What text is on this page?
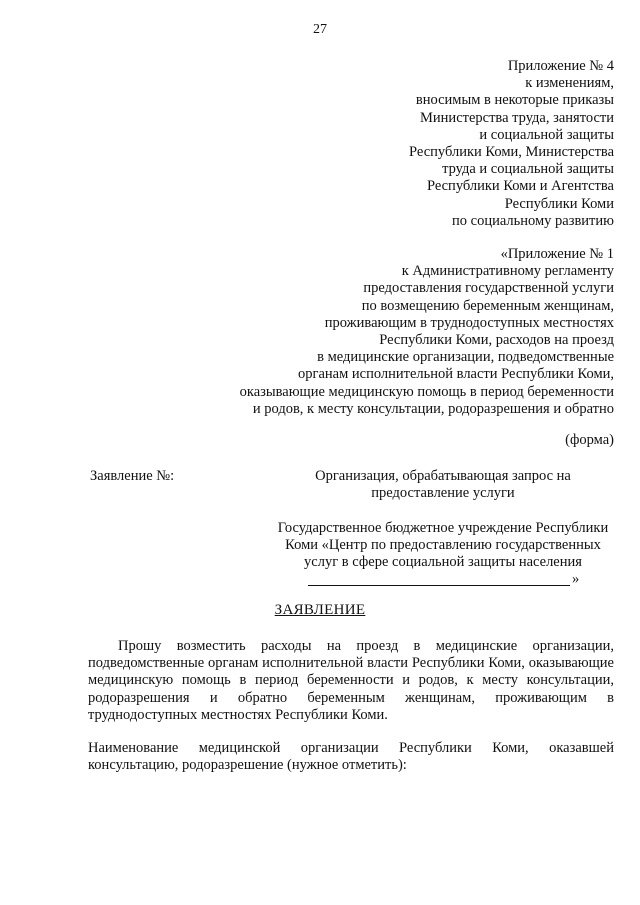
27
Приложение № 4
к изменениям,
вносимым в некоторые приказы
Министерства труда, занятости
и социальной защиты
Республики Коми, Министерства
труда и социальной защиты
Республики Коми и Агентства
Республики Коми
по социальному развитию
«Приложение № 1
к Административному регламенту
предоставления государственной услуги
по возмещению беременным женщинам,
проживающим в труднодоступных местностях
Республики Коми, расходов на проезд
в медицинские организации, подведомственные
органам исполнительной власти Республики Коми,
оказывающие медицинскую помощь в период беременности
и родов, к месту консультации, родоразрешения и обратно
(форма)
Заявление №:	Организация, обрабатывающая запрос на
предоставление услуги
Государственное бюджетное учреждение Республики
Коми «Центр по предоставлению государственных
услуг в сфере социальной защиты населения
»
ЗАЯВЛЕНИЕ
Прошу возместить расходы на проезд в медицинские организации, подведомственные органам исполнительной власти Республики Коми, оказывающие медицинскую помощь в период беременности и родов, к месту консультации, родоразрешения и обратно беременным женщинам, проживающим в труднодоступных местностях Республики Коми.
Наименование медицинской организации Республики Коми, оказавшей консультацию, родоразрешение (нужное отметить):
